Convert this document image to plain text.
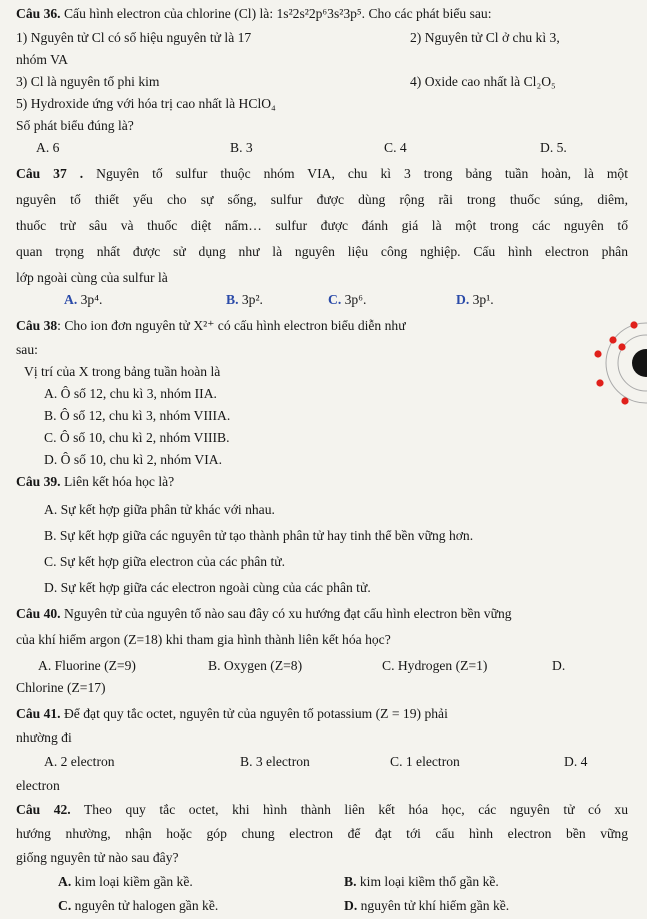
Câu 36. Cấu hình electron của chlorine (Cl) là: 1s²2s²2p⁶3s²3p⁵. Cho các phát biểu sau:
1) Nguyên tử Cl có số hiệu nguyên tử là 17	2) Nguyên tử Cl ở chu kì 3,
nhóm VA
3) Cl là nguyên tố phi kim	4) Oxide cao nhất là Cl₂O₅
5) Hydroxide ứng với hóa trị cao nhất là HClO₄
Số phát biểu đúng là?
A. 6	B. 3	C. 4	D. 5.
Câu 37 . Nguyên tố sulfur thuộc nhóm VIA, chu kì 3 trong bảng tuần hoàn, là một
nguyên tố thiết yếu cho sự sống, sulfur được dùng rộng rãi trong thuốc súng, diêm,
thuốc trừ sâu và thuốc diệt nấm… sulfur được đánh giá là một trong các nguyên tố
quan trọng nhất được sử dụng như là nguyên liệu công nghiệp. Cấu hình electron phân
lớp ngoài cùng của sulfur là
A. 3p⁴.	B. 3p².	C. 3p⁶.	D. 3p¹.
Câu 38: Cho ion đơn nguyên tử X²⁺ có cấu hình electron biểu diễn như
sau:
Vị trí của X trong bảng tuần hoàn là
A. Ô số 12, chu kì 3, nhóm IIA.
B. Ô số 12, chu kì 3, nhóm VIIIA.
C. Ô số 10, chu kì 2, nhóm VIIIB.
D. Ô số 10, chu kì 2, nhóm VIA.
Câu 39. Liên kết hóa học là?
A. Sự kết hợp giữa phân tử khác với nhau.
B. Sự kết hợp giữa các nguyên tử tạo thành phân tử hay tinh thể bền vững hơn.
C. Sự kết hợp giữa electron của các phân tử.
D. Sự kết hợp giữa các electron ngoài cùng của các phân tử.
Câu 40. Nguyên tử của nguyên tố nào sau đây có xu hướng đạt cấu hình electron bền vững
của khí hiếm argon (Z=18) khi tham gia hình thành liên kết hóa học?
A. Fluorine (Z=9)	B. Oxygen (Z=8)	C. Hydrogen (Z=1)	D.
Chlorine (Z=17)
Câu 41. Để đạt quy tắc octet, nguyên tử của nguyên tố potassium (Z = 19) phải
nhường đi
A. 2 electron	B. 3 electron	C. 1 electron	D. 4
electron
Câu 42. Theo quy tắc octet, khi hình thành liên kết hóa học, các nguyên tử có xu
hướng nhường, nhận hoặc góp chung electron để đạt tới cấu hình electron bền vững
giống nguyên tử nào sau đây?
A. kim loại kiềm gần kề.	B. kim loại kiềm thổ gần kề.
C. nguyên tử halogen gần kề.	D. nguyên tử khí hiếm gần kề.
